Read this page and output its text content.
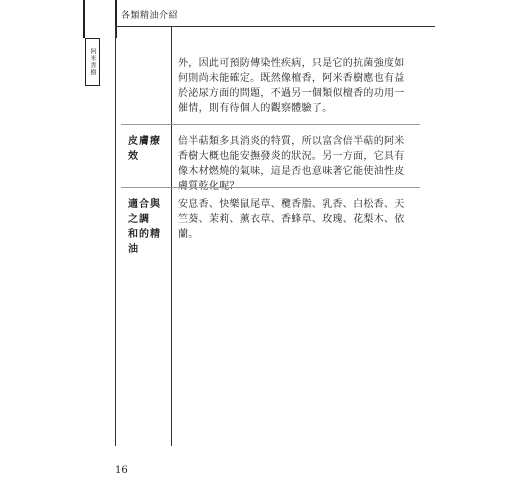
各類精油介紹
阿米香樹	外，因此可預防傳染性疾病，只是它的抗菌強度如何則尚未能確定。既然像檀香，阿米香樹應也有益於泌尿方面的問題，不過另一個類似檀香的功用一催情，則有待個人的觀察體驗了。
皮膚療效
倍半萜類多具消炎的特質，所以富含倍半萜的阿米香樹大概也能安撫發炎的狀況。另一方面，它具有像木材燃燒的氣味，這是否也意味著它能使油性皮
適合與之調
和的精油
安息香、快樂鼠尾草、欖香脂、乳香、白松香、天竺葵、茉莉、薰衣草、香蜂草、玫瑰、花梨木、依蘭。
16
